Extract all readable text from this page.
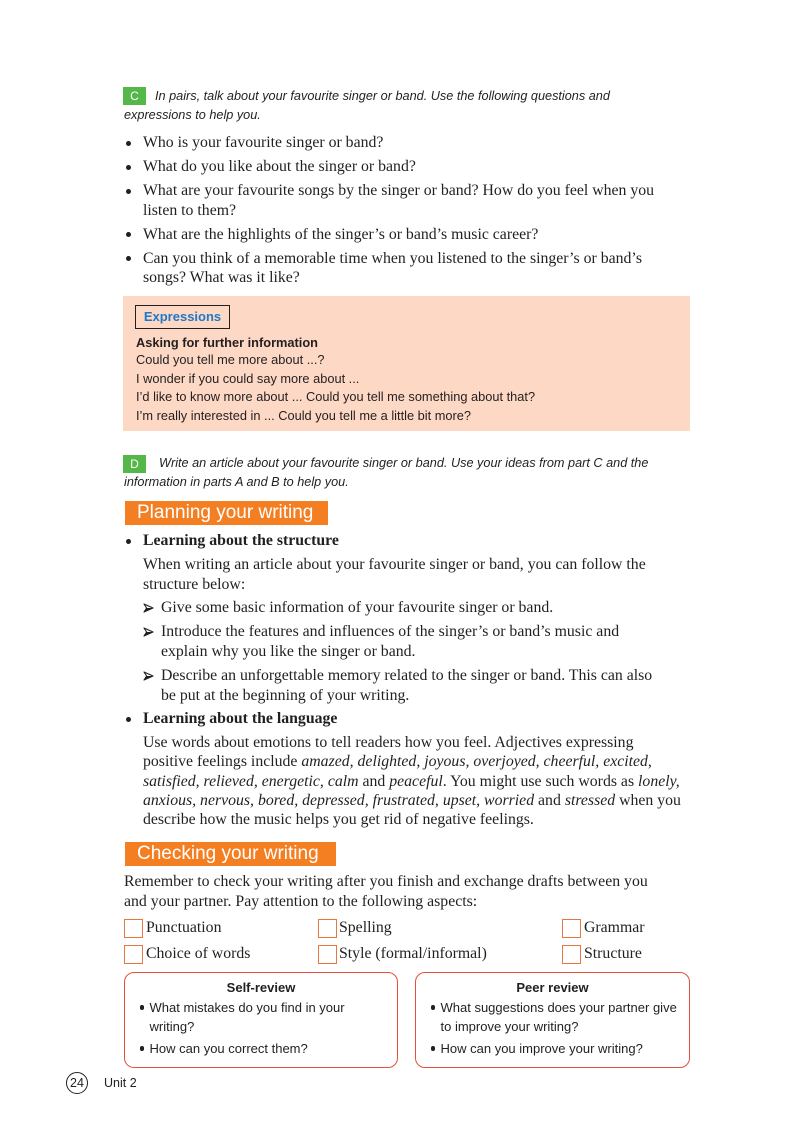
C	In pairs, talk about your favourite singer or band. Use the following questions and
expressions to help you.
Who is your favourite singer or band?
What do you like about the singer or band?
What are your favourite songs by the singer or band? How do you feel when you
listen to them?
What are the highlights of the singer’s or band’s music career?
Can you think of a memorable time when you listened to the singer’s or band’s
songs? What was it like?
Expressions
Asking for further information
Could you tell me more about ...?
I wonder if you could say more about ...
I’d like to know more about ... Could you tell me something about that?
I’m really interested in ... Could you tell me a little bit more?
D	Write an article about your favourite singer or band. Use your ideas from part C and the
information in parts A and B to help you.
Planning your writing
Learning about the structure
When writing an article about your favourite singer or band, you can follow the
structure below:
Give some basic information of your favourite singer or band.
Introduce the features and influences of the singer’s or band’s music and
explain why you like the singer or band.
Describe an unforgettable memory related to the singer or band. This can also
be put at the beginning of your writing.
Learning about the language
Use words about emotions to tell readers how you feel. Adjectives expressing
positive feelings include amazed, delighted, joyous, overjoyed, cheerful, excited,
satisfied, relieved, energetic, calm and peaceful. You might use such words as lonely,
anxious, nervous, bored, depressed, frustrated, upset, worried and stressed when you
describe how the music helps you get rid of negative feelings.
Checking your writing
Remember to check your writing after you finish and exchange drafts between you
and your partner. Pay attention to the following aspects:
Punctuation	Spelling	Grammar
Choice of words	Style (formal/informal)	Structure
Self-review
What mistakes do you find in your
writing?
How can you correct them?
Peer review
What suggestions does your partner give
to improve your writing?
How can you improve your writing?
24	Unit 2
